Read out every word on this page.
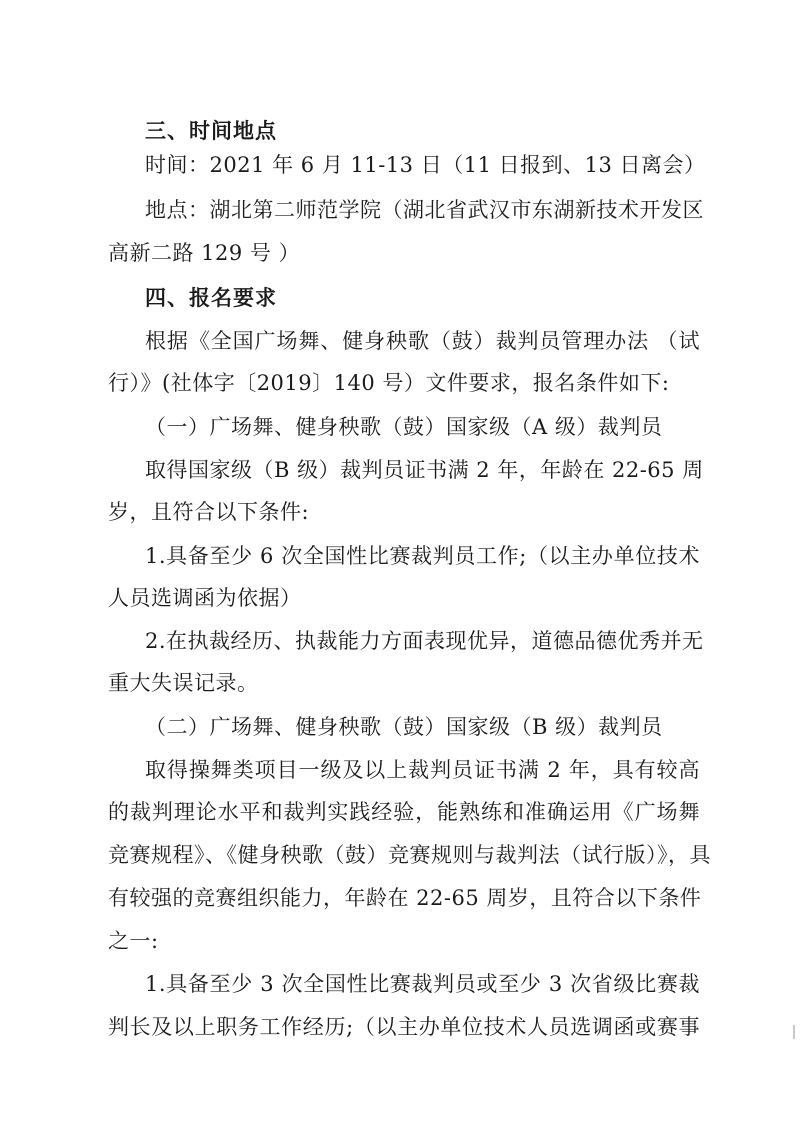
三、时间地点
时间：2021 年 6 月 11-13 日（11 日报到、13 日离会）
地点：湖北第二师范学院（湖北省武汉市东湖新技术开发区
高新二路 129 号 ）
四、报名要求
根据《全国广场舞、健身秧歌（鼓）裁判员管理办法 （试
行）》(社体字〔2019〕140 号）文件要求，报名条件如下:
（一）广场舞、健身秧歌（鼓）国家级（A 级）裁判员
取得国家级（B 级）裁判员证书满 2 年，年龄在 22-65 周
岁，且符合以下条件:
1.具备至少 6 次全国性比赛裁判员工作;（以主办单位技术
人员选调函为依据）
2.在执裁经历、执裁能力方面表现优异，道德品德优秀并无
重大失误记录。
（二）广场舞、健身秧歌（鼓）国家级（B 级）裁判员
取得操舞类项目一级及以上裁判员证书满 2 年，具有较高
的裁判理论水平和裁判实践经验，能熟练和准确运用《广场舞
竞赛规程》、《健身秧歌（鼓）竞赛规则与裁判法（试行版）》，具
有较强的竞赛组织能力，年龄在 22-65 周岁，且符合以下条件
之一:
1.具备至少 3 次全国性比赛裁判员或至少 3 次省级比赛裁
判长及以上职务工作经历;（以主办单位技术人员选调函或赛事
